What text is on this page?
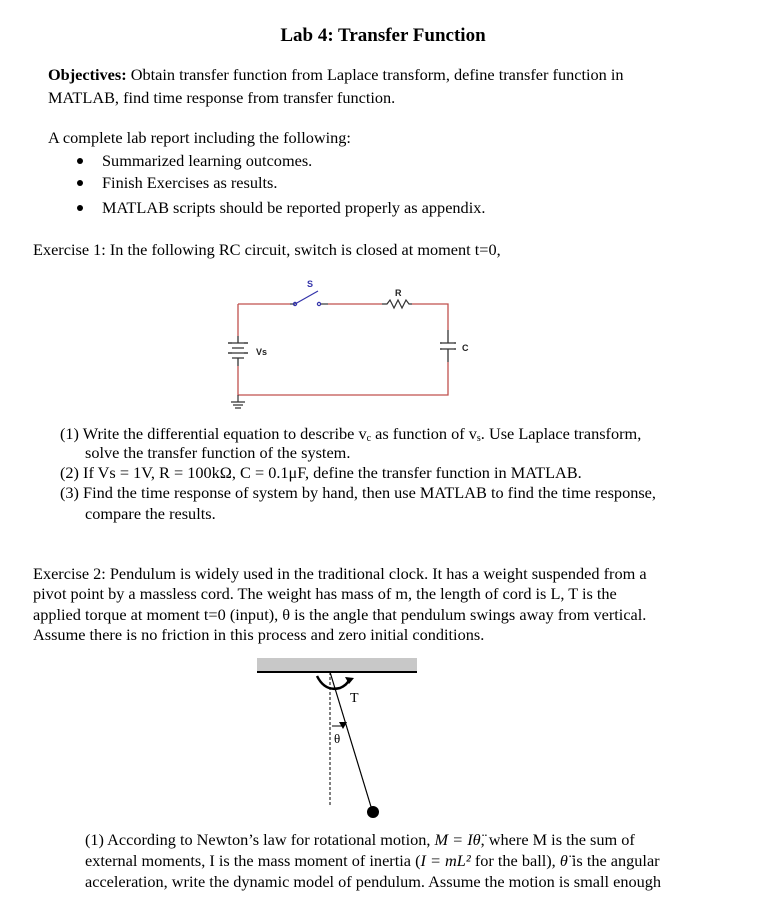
Lab 4: Transfer Function
Objectives: Obtain transfer function from Laplace transform, define transfer function in
MATLAB, find time response from transfer function.
A complete lab report including the following:
Summarized learning outcomes.
Finish Exercises as results.
MATLAB scripts should be reported properly as appendix.
Exercise 1: In the following RC circuit, switch is closed at moment t=0,
S
R
C
Vs
(1) Write the differential equation to describe $v_c$ as function of $v_s$. Use Laplace transform,
solve the transfer function of the system.
(2) If Vs = 1V, R = 100kΩ, C = 0.1μF, define the transfer function in MATLAB.
(3) Find the time response of system by hand, then use MATLAB to find the time response,
compare the results.
Exercise 2: Pendulum is widely used in the traditional clock. It has a weight suspended from a
pivot point by a massless cord. The weight has mass of m, the length of cord is L, T is the
applied torque at moment t=0 (input), θ is the angle that pendulum swings away from vertical.
Assume there is no friction in this process and zero initial conditions.
T
θ
(1) According to Newton’s law for rotational motion, M = Iθ̈, where M is the sum of
external moments, I is the mass moment of inertia (I = mL² for the ball), θ̈ is the angular
acceleration, write the dynamic model of pendulum. Assume the motion is small enough
